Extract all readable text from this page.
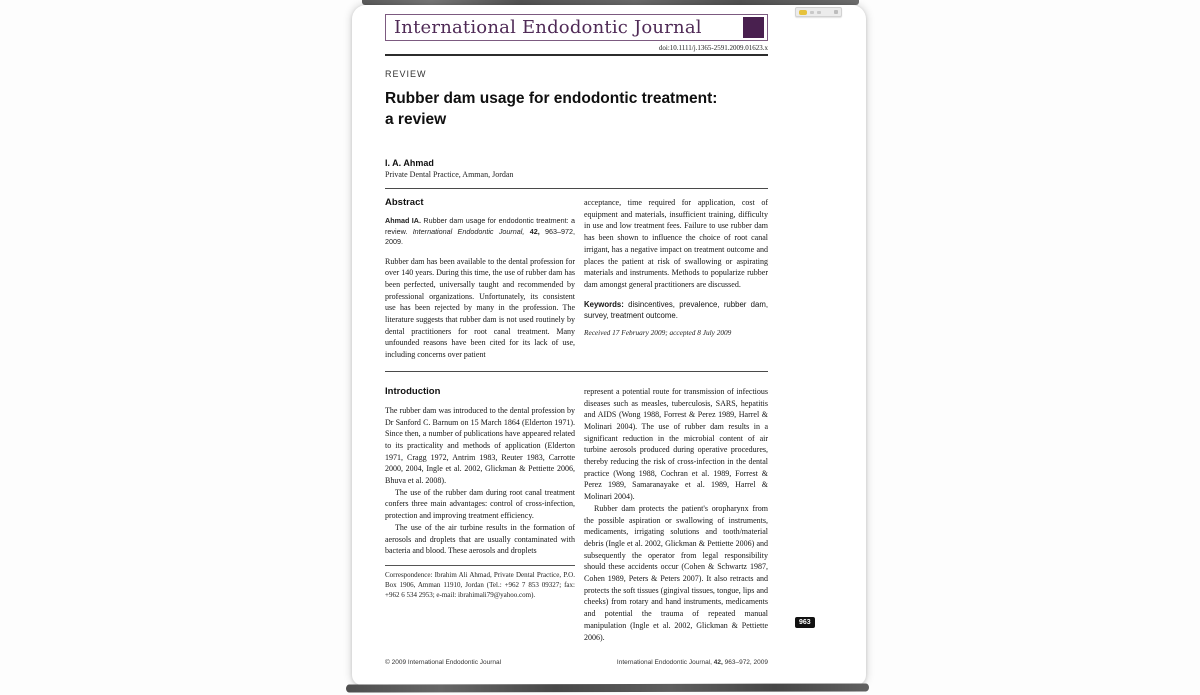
International Endodontic Journal
doi:10.1111/j.1365-2591.2009.01623.x
REVIEW
Rubber dam usage for endodontic treatment:
a review
I. A. Ahmad
Private Dental Practice, Amman, Jordan
Abstract

Ahmad IA. Rubber dam usage for endodontic treatment: a review. International Endodontic Journal, 42, 963–972, 2009.

Rubber dam has been available to the dental profession for over 140 years. During this time, the use of rubber dam has been perfected, universally taught and recommended by professional organizations. Unfortunately, its consistent use has been rejected by many in the profession. The literature suggests that rubber dam is not used routinely by dental practitioners for root canal treatment. Many unfounded reasons have been cited for its lack of use, including concerns over patient

acceptance, time required for application, cost of equipment and materials, insufficient training, difficulty in use and low treatment fees. Failure to use rubber dam has been shown to influence the choice of root canal irrigant, has a negative impact on treatment outcome and places the patient at risk of swallowing or aspirating materials and instruments. Methods to popularize rubber dam amongst general practitioners are discussed.

Keywords: disincentives, prevalence, rubber dam, survey, treatment outcome.

Received 17 February 2009; accepted 8 July 2009

Introduction

The rubber dam was introduced to the dental profession by Dr Sanford C. Barnum on 15 March 1864 (Elderton 1971). Since then, a number of publications have appeared related to its practicality and methods of application (Elderton 1971, Cragg 1972, Antrim 1983, Reuter 1983, Carrotte 2000, 2004, Ingle et al. 2002, Glickman & Pettiette 2006, Bhuva et al. 2008).

The use of the rubber dam during root canal treatment confers three main advantages: control of cross-infection, protection and improving treatment efficiency.

The use of the air turbine results in the formation of aerosols and droplets that are usually contaminated with bacteria and blood. These aerosols and droplets

Correspondence: Ibrahim Ali Ahmad, Private Dental Practice, P.O. Box 1906, Amman 11910, Jordan (Tel.: +962 7 853 09327; fax: +962 6 534 2953; e-mail: ibrahimali79@yahoo.com).

represent a potential route for transmission of infectious diseases such as measles, tuberculosis, SARS, hepatitis and AIDS (Wong 1988, Forrest & Perez 1989, Harrel & Molinari 2004). The use of rubber dam results in a significant reduction in the microbial content of air turbine aerosols produced during operative procedures, thereby reducing the risk of cross-infection in the dental practice (Wong 1988, Cochran et al. 1989, Forrest & Perez 1989, Samaranayake et al. 1989, Harrel & Molinari 2004).

Rubber dam protects the patient's oropharynx from the possible aspiration or swallowing of instruments, medicaments, irrigating solutions and tooth/material debris (Ingle et al. 2002, Glickman & Pettiette 2006) and subsequently the operator from legal responsibility should these accidents occur (Cohen & Schwartz 1987, Cohen 1989, Peters & Peters 2007). It also retracts and protects the soft tissues (gingival tissues, tongue, lips and cheeks) from rotary and hand instruments, medicaments and potential the trauma of repeated manual manipulation (Ingle et al. 2002, Glickman & Pettiette 2006).

© 2009 International Endodontic Journal	International Endodontic Journal, 42, 963–972, 2009
963
